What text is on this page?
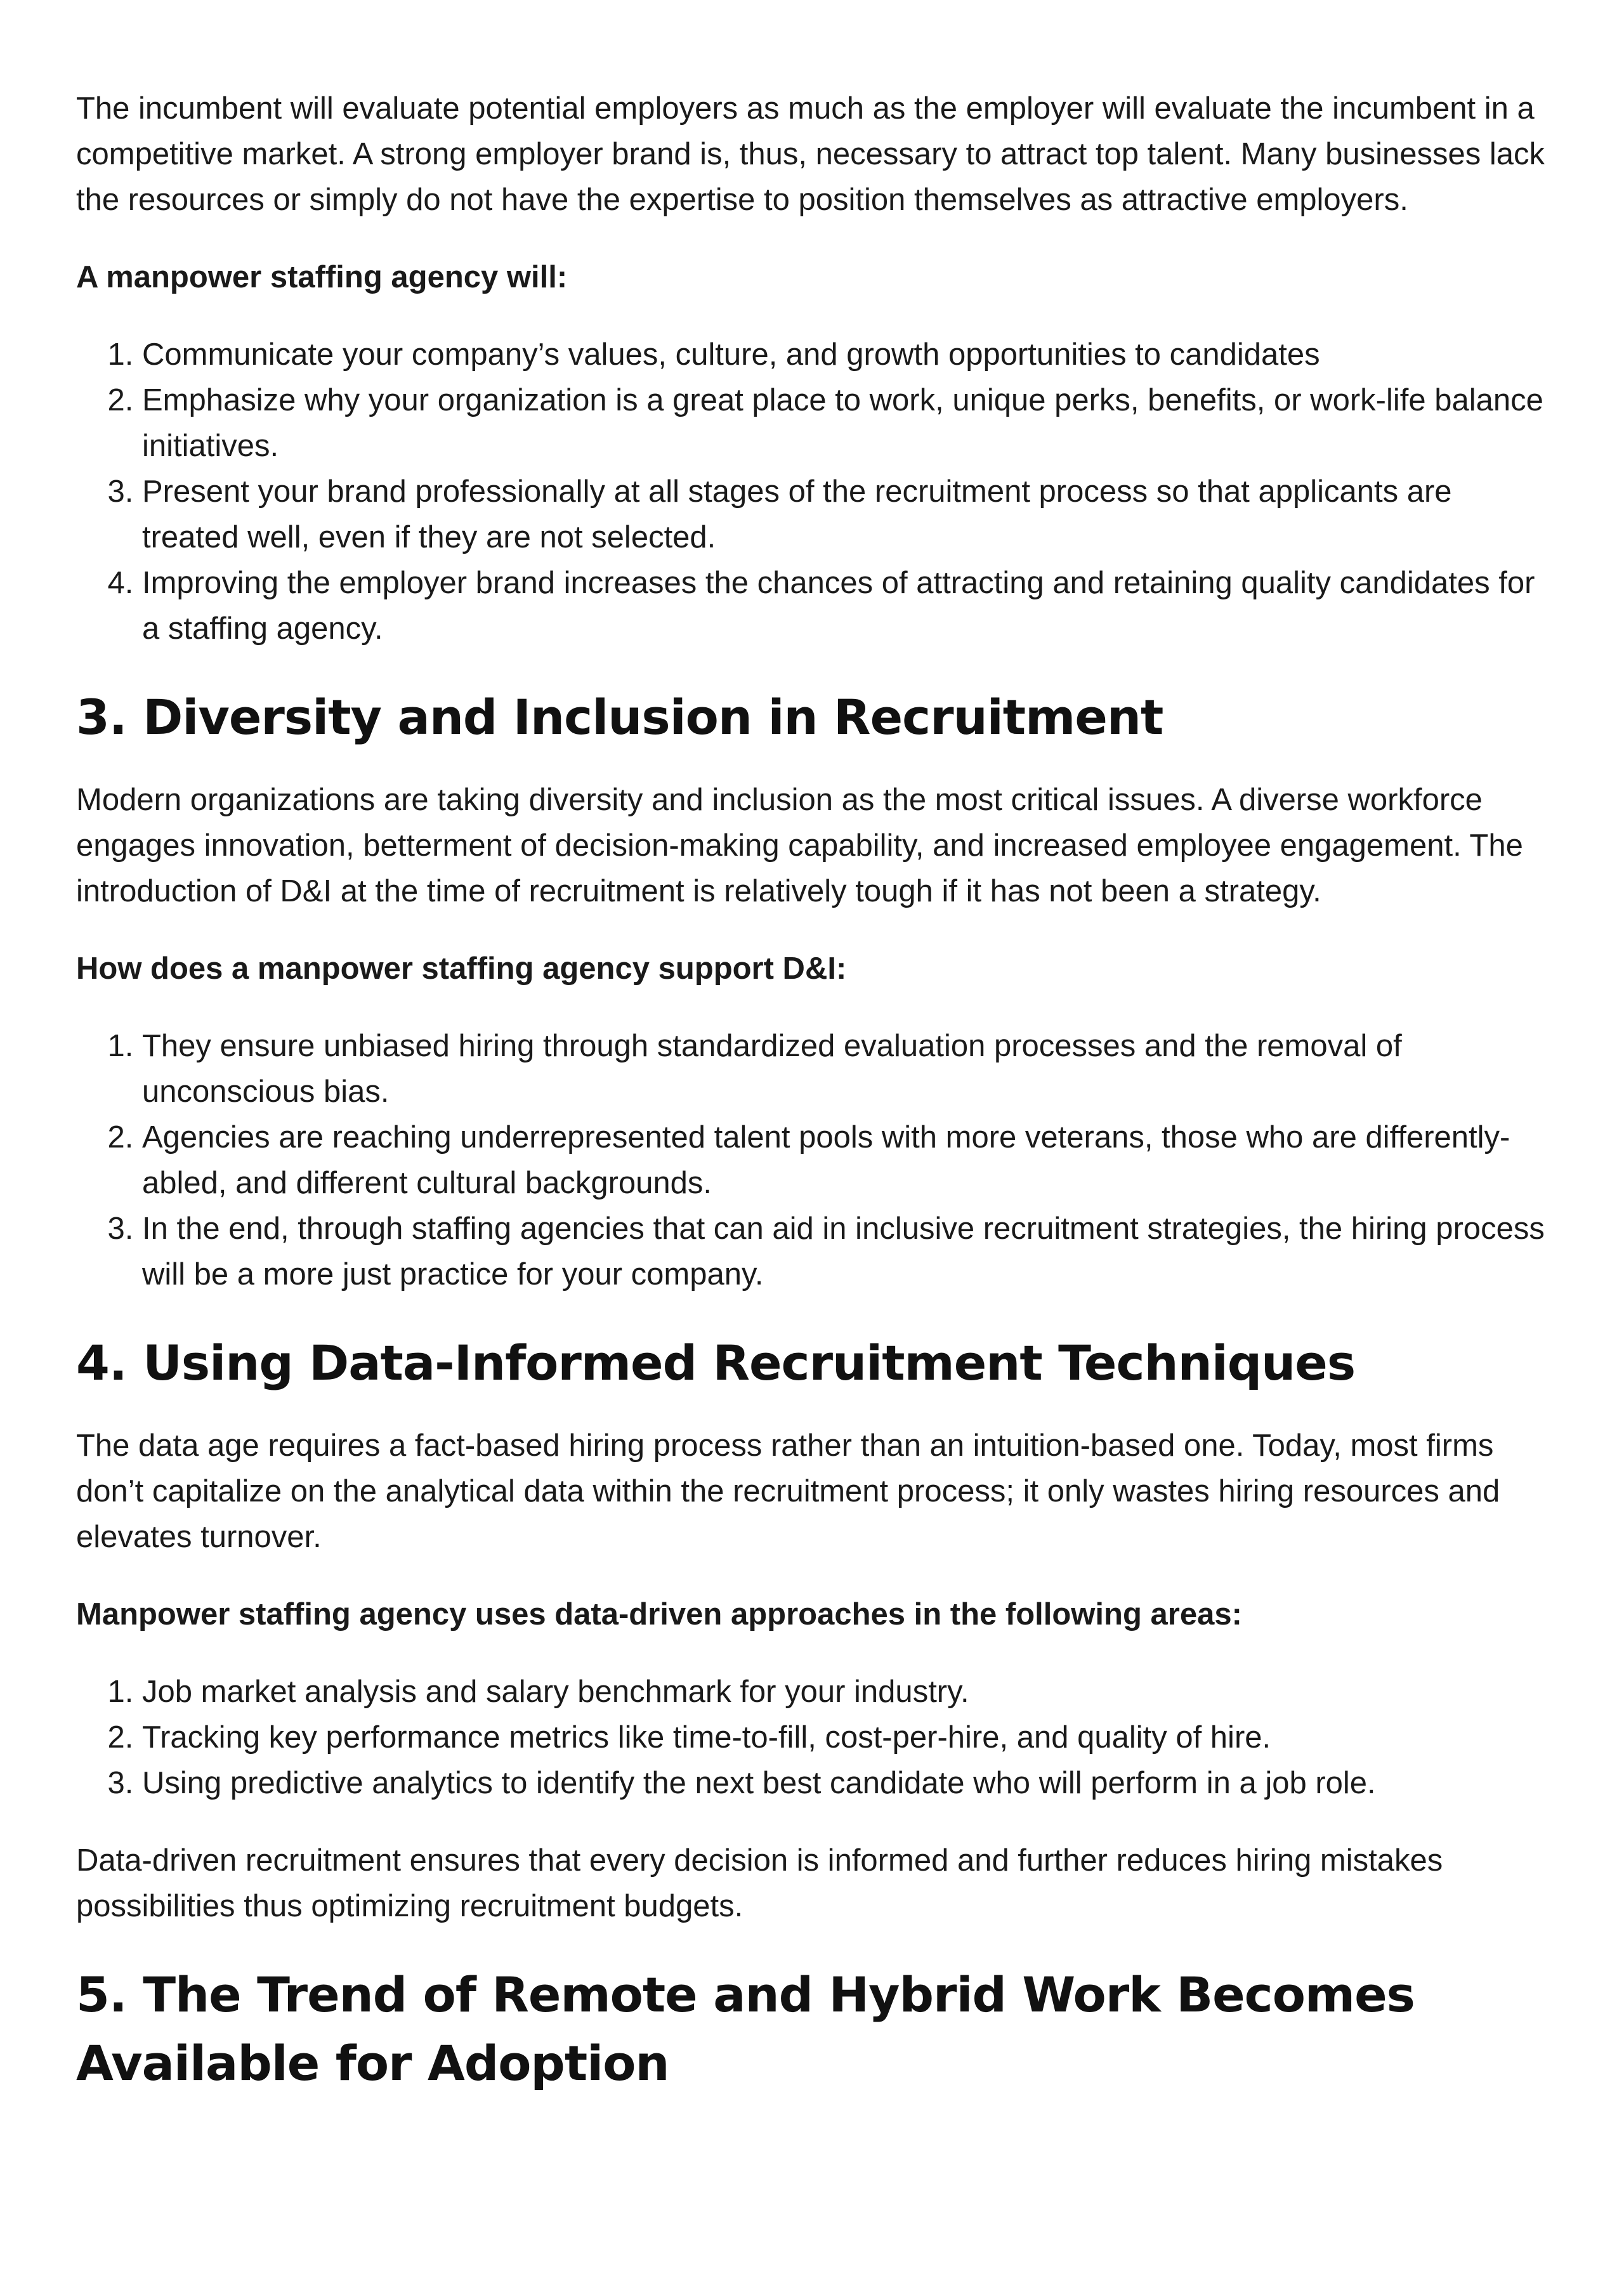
The incumbent will evaluate potential employers as much as the employer will evaluate the incumbent in a competitive market. A strong employer brand is, thus, necessary to attract top talent. Many businesses lack the resources or simply do not have the expertise to position themselves as attractive employers.

A manpower staffing agency will:

1. Communicate your company’s values, culture, and growth opportunities to candidates
2. Emphasize why your organization is a great place to work, unique perks, benefits, or work-life balance initiatives.
3. Present your brand professionally at all stages of the recruitment process so that applicants are treated well, even if they are not selected.
4. Improving the employer brand increases the chances of attracting and retaining quality candidates for a staffing agency.
3. Diversity and Inclusion in Recruitment

Modern organizations are taking diversity and inclusion as the most critical issues. A diverse workforce engages innovation, betterment of decision-making capability, and increased employee engagement. The introduction of D&I at the time of recruitment is relatively tough if it has not been a strategy.

How does a manpower staffing agency support D&I:

1. They ensure unbiased hiring through standardized evaluation processes and the removal of unconscious bias.
2. Agencies are reaching underrepresented talent pools with more veterans, those who are differently-abled, and different cultural backgrounds.
3. In the end, through staffing agencies that can aid in inclusive recruitment strategies, the hiring process will be a more just practice for your company.
4. Using Data-Informed Recruitment Techniques

The data age requires a fact-based hiring process rather than an intuition-based one. Today, most firms don’t capitalize on the analytical data within the recruitment process; it only wastes hiring resources and elevates turnover.

Manpower staffing agency uses data-driven approaches in the following areas:

1. Job market analysis and salary benchmark for your industry.
2. Tracking key performance metrics like time-to-fill, cost-per-hire, and quality of hire.
3. Using predictive analytics to identify the next best candidate who will perform in a job role.

Data-driven recruitment ensures that every decision is informed and further reduces hiring mistakes possibilities thus optimizing recruitment budgets.

5. The Trend of Remote and Hybrid Work Becomes Available for Adoption
